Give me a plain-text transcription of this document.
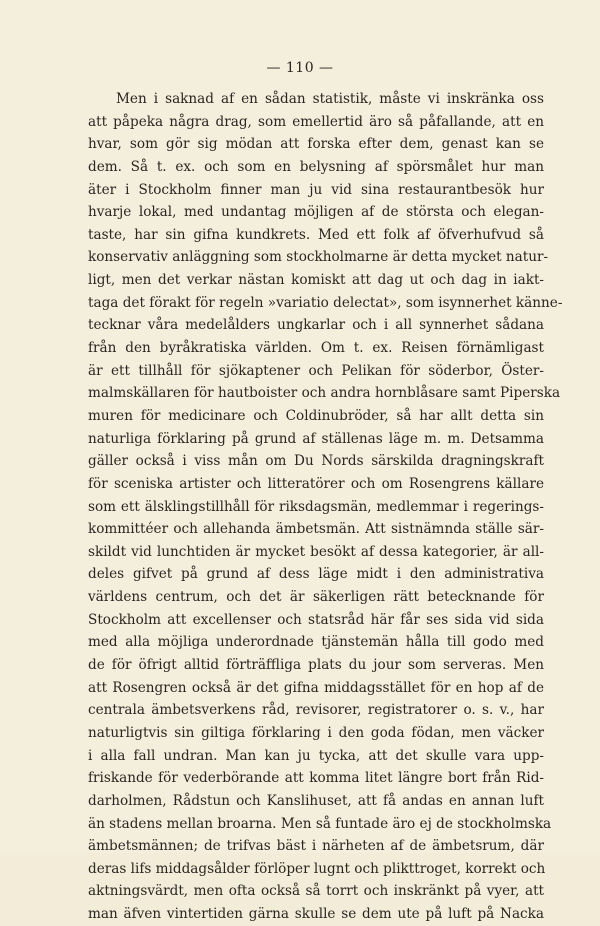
— 110 —
Men i saknad af en sådan statistik, måste vi inskränka oss
att påpeka några drag, som emellertid äro så påfallande, att en
hvar, som gör sig mödan att forska efter dem, genast kan se
dem. Så t. ex. och som en belysning af spörsmålet hur man
äter i Stockholm finner man ju vid sina restaurantbesök hur
hvarje lokal, med undantag möjligen af de största och elegan-
taste, har sin gifna kundkrets. Med ett folk af öfverhufvud så
konservativ anläggning som stockholmarne är detta mycket natur-
ligt, men det verkar nästan komiskt att dag ut och dag in iakt-
taga det förakt för regeln »variatio delectat», som isynnerhet känne-
tecknar våra medelålders ungkarlar och i all synnerhet sådana
från den byråkratiska världen. Om t. ex. Reisen förnämligast
är ett tillhåll för sjökaptener och Pelikan för söderbor, Öster-
malmskällaren för hautboister och andra hornblåsare samt Piperska
muren för medicinare och Coldinubröder, så har allt detta sin
naturliga förklaring på grund af ställenas läge m. m. Detsamma
gäller också i viss mån om Du Nords särskilda dragningskraft
för sceniska artister och litteratörer och om Rosengrens källare
som ett älsklingstillhåll för riksdagsmän, medlemmar i regerings-
kommittéer och allehanda ämbetsmän. Att sistnämnda ställe sär-
skildt vid lunchtiden är mycket besökt af dessa kategorier, är all-
deles gifvet på grund af dess läge midt i den administrativa
världens centrum, och det är säkerligen rätt betecknande för
Stockholm att excellenser och statsråd här får ses sida vid sida
med alla möjliga underordnade tjänstemän hålla till godo med
de för öfrigt alltid förträffliga plats du jour som serveras. Men
att Rosengren också är det gifna middagsstället för en hop af de
centrala ämbetsverkens råd, revisorer, registratorer o. s. v., har
naturligtvis sin giltiga förklaring i den goda födan, men väcker
i alla fall undran. Man kan ju tycka, att det skulle vara upp-
friskande för vederbörande att komma litet längre bort från Rid-
darholmen, Rådstun och Kanslihuset, att få andas en annan luft
än stadens mellan broarna. Men så funtade äro ej de stockholmska
ämbetsmännen; de trifvas bäst i närheten af de ämbetsrum, där
deras lifs middagsålder förlöper lugnt och plikttroget, korrekt och
aktningsvärdt, men ofta också så torrt och inskränkt på vyer, att
man äfven vintertiden gärna skulle se dem ute på luft på Nacka
